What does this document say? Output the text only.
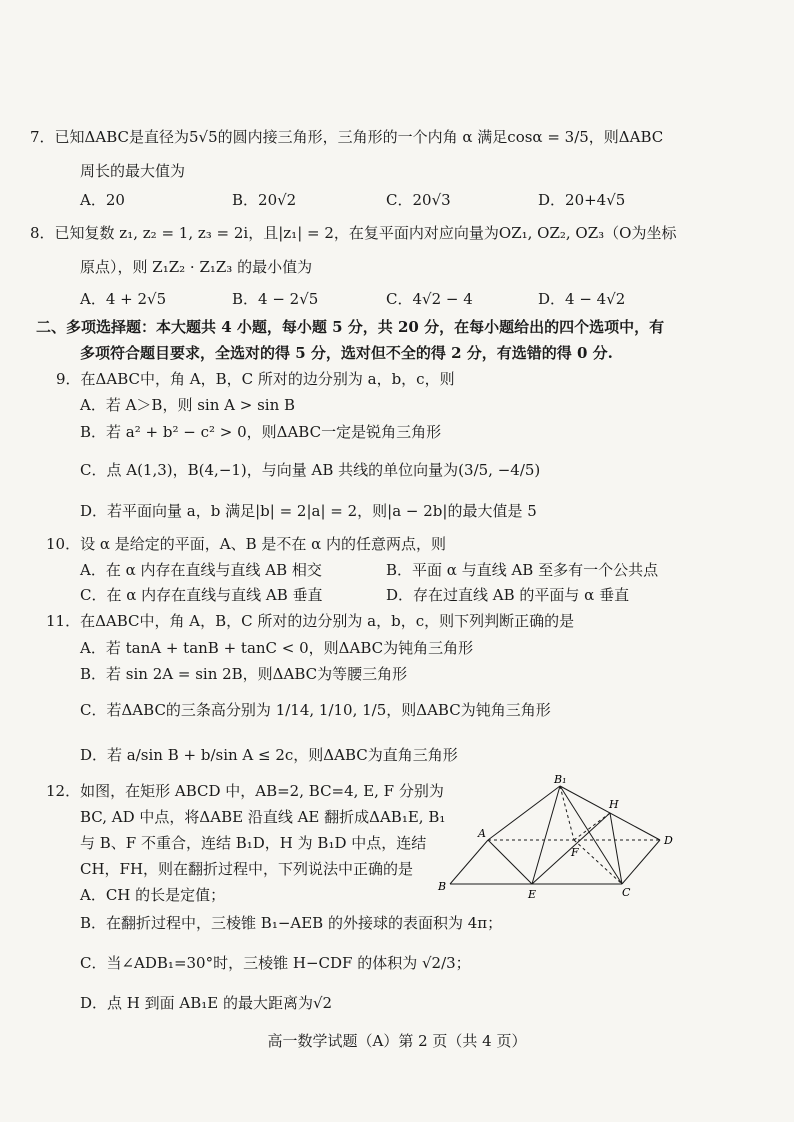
7．已知ΔABC是直径为5√5的圆内接三角形，三角形的一个内角 α 满足cosα = 3/5，则ΔABC
周长的最大值为
A．20	B．20√2	C．20√3	D．20+4√5
8．已知复数 z₁, z₂ = 1, z₃ = 2i，且|z₁| = 2，在复平面内对应向量为OZ₁, OZ₂, OZ₃（O为坐标
原点），则 Z₁Z₂ · Z₁Z₃ 的最小值为
A．4 + 2√5	B．4 − 2√5	C．4√2 − 4	D．4 − 4√2
二、多项选择题：本大题共 4 小题，每小题 5 分，共 20 分，在每小题给出的四个选项中，有
多项符合题目要求，全选对的得 5 分，选对但不全的得 2 分，有选错的得 0 分.
9．在ΔABC中，角 A，B，C 所对的边分别为 a，b，c，则
A．若 A＞B，则 sin A > sin B
B．若 a² + b² − c² > 0，则ΔABC一定是锐角三角形
C．点 A(1,3)，B(4,−1)，与向量 AB 共线的单位向量为(3/5, −4/5)
D．若平面向量 a，b 满足|b| = 2|a| = 2，则|a − 2b|的最大值是 5
10．设 α 是给定的平面，A、B 是不在 α 内的任意两点，则
A．在 α 内存在直线与直线 AB 相交	B．平面 α 与直线 AB 至多有一个公共点
C．在 α 内存在直线与直线 AB 垂直	D．存在过直线 AB 的平面与 α 垂直
11．在ΔABC中，角 A，B，C 所对的边分别为 a，b，c，则下列判断正确的是
A．若 tanA + tanB + tanC < 0，则ΔABC为钝角三角形
B．若 sin 2A = sin 2B，则ΔABC为等腰三角形
C．若ΔABC的三条高分别为 1/14, 1/10, 1/5，则ΔABC为钝角三角形
D．若 a/sin B + b/sin A ≤ 2c，则ΔABC为直角三角形
12．如图，在矩形 ABCD 中，AB=2, BC=4, E, F 分别为
BC, AD 中点，将ΔABE 沿直线 AE 翻折成ΔAB₁E, B₁
与 B、F 不重合，连结 B₁D，H 为 B₁D 中点，连结
CH，FH，则在翻折过程中，下列说法中正确的是
A．CH 的长是定值；
B．在翻折过程中，三棱锥 B₁−AEB 的外接球的表面积为 4π；
C．当∠ADB₁=30°时，三棱锥 H−CDF 的体积为 √2/3；
D．点 H 到面 AB₁E 的最大距离为√2
B₁
H
A
D
F
B
E	C
高一数学试题（A）第 2 页（共 4 页）
